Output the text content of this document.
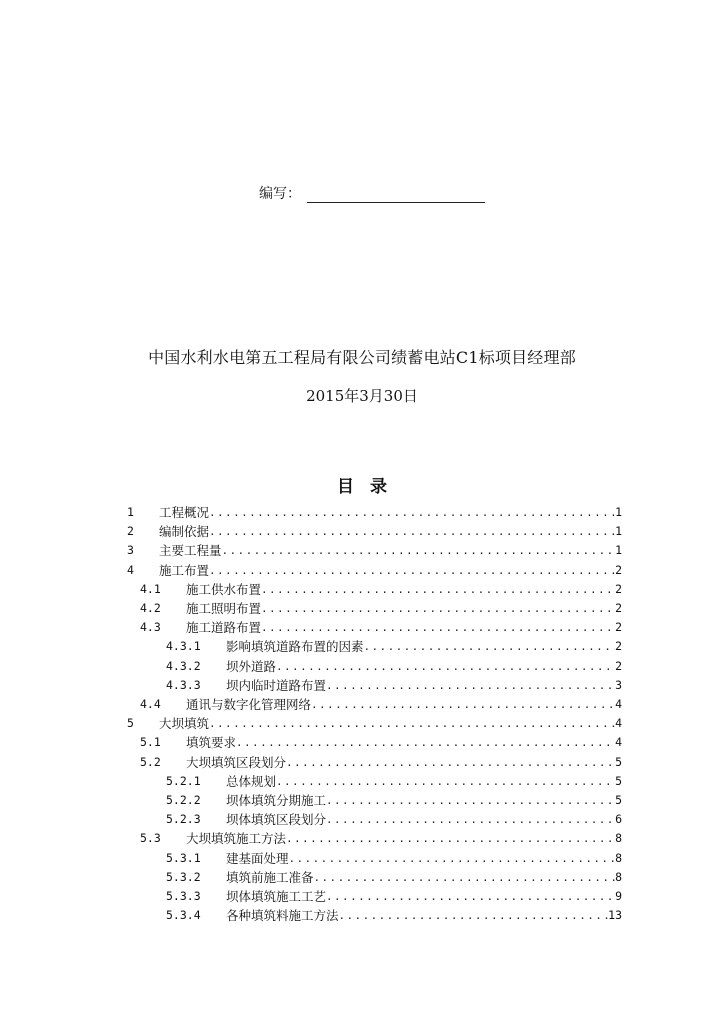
编写：
中国水利水电第五工程局有限公司绩蓄电站C1标项目经理部
2015年3月30日
目录
1	工程概况 .....	1
2	编制依据 .....	1
3	主要工程量 .....	1
4	施工布置 .....	2
4.1	施工供水布置 .....	2
4.2	施工照明布置 .....	2
4.3	施工道路布置 .....	2
4.3.1	影响填筑道路布置的因素 .....	2
4.3.2	坝外道路 .....	2
4.3.3	坝内临时道路布置 .....	3
4.4	通讯与数字化管理网络 .....	4
5	大坝填筑 .....	4
5.1	填筑要求 .....	4
5.2	大坝填筑区段划分 .....	5
5.2.1	总体规划 .....	5
5.2.2	坝体填筑分期施工 .....	5
5.2.3	坝体填筑区段划分 .....	6
5.3	大坝填筑施工方法 .....	8
5.3.1	建基面处理 .....	8
5.3.2	填筑前施工准备 .....	8
5.3.3	坝体填筑施工工艺 .....	9
5.3.4	各种填筑料施工方法 .....	13
